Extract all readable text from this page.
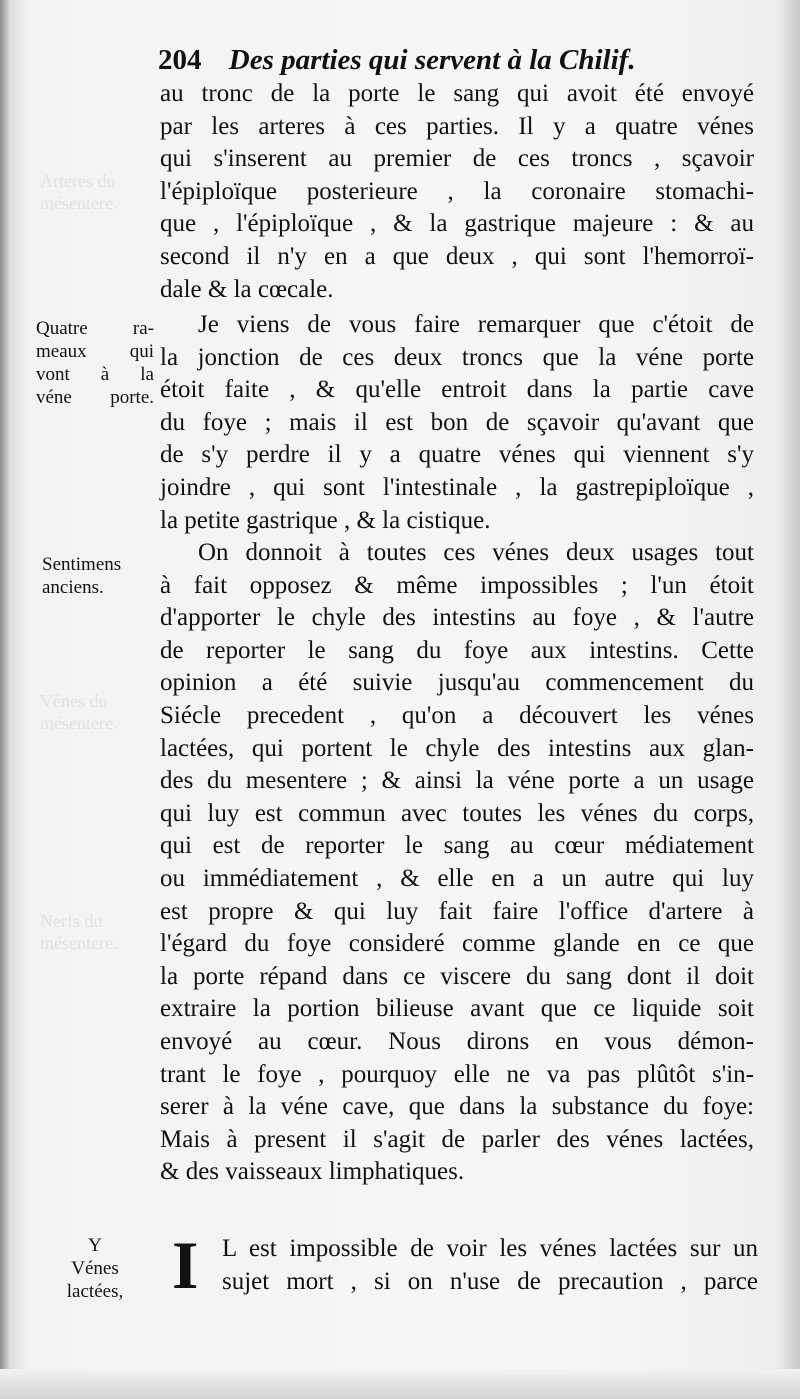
Arteres du
mésentere.
Vénes du
mésentere.
Nerfs du
mésentere.
204 Des parties qui servent à la Chilif.
au tronc de la porte le sang qui avoit été envoyé
par les arteres à ces parties. Il y a quatre vénes
qui s'inserent au premier de ces troncs , sçavoir
l'épiploïque posterieure , la coronaire stomachi-
que , l'épiploïque , & la gastrique majeure : & au
second il n'y en a que deux , qui sont l'hemorroï-
dale & la cœcale.
Quatre ra-
meaux qui
vont à la
véne porte.
Je viens de vous faire remarquer que c'étoit de
la jonction de ces deux troncs que la véne porte
étoit faite , & qu'elle entroit dans la partie cave
du foye ; mais il est bon de sçavoir qu'avant que
de s'y perdre il y a quatre vénes qui viennent s'y
joindre , qui sont l'intestinale , la gastrepiploïque ,
la petite gastrique , & la cistique.
Sentimens
anciens.
On donnoit à toutes ces vénes deux usages tout
à fait opposez & même impossibles ; l'un étoit
d'apporter le chyle des intestins au foye , & l'autre
de reporter le sang du foye aux intestins. Cette
opinion a été suivie jusqu'au commencement du
Siécle precedent , qu'on a découvert les vénes
lactées, qui portent le chyle des intestins aux glan-
des du mesentere ; & ainsi la véne porte a un usage
qui luy est commun avec toutes les vénes du corps,
qui est de reporter le sang au cœur médiatement
ou immédiatement , & elle en a un autre qui luy
est propre & qui luy fait faire l'office d'artere à
l'égard du foye consideré comme glande en ce que
la porte répand dans ce viscere du sang dont il doit
extraire la portion bilieuse avant que ce liquide soit
envoyé au cœur. Nous dirons en vous démon-
trant le foye , pourquoy elle ne va pas plûtôt s'in-
serer à la véne cave, que dans la substance du foye:
Mais à present il s'agit de parler des vénes lactées,
& des vaisseaux limphatiques.
Y
Vénes
lactées, I L est impossible de voir les vénes lactées sur un
sujet mort , si on n'use de precaution , parce
